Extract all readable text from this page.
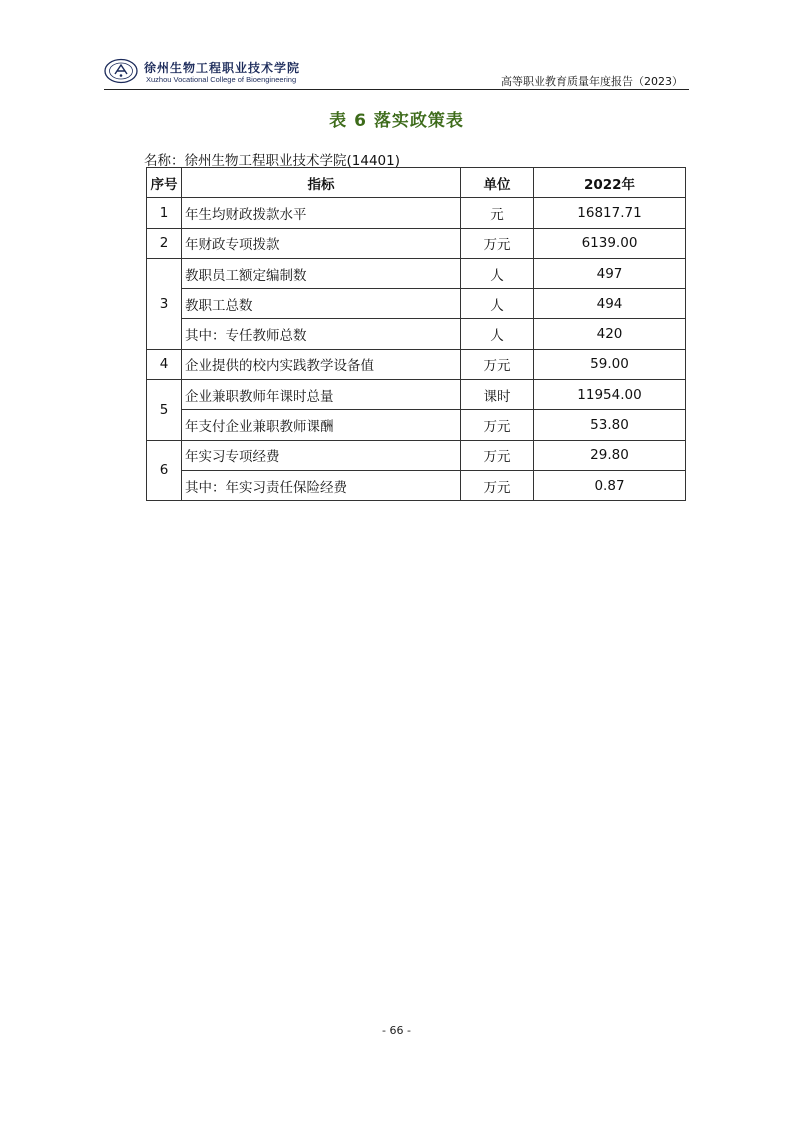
徐州生物工程职业技术学院
Xuzhou Vocational College of Bioengineering	高等职业教育质量年度报告（2023）
表 6 落实政策表
名称：徐州生物工程职业技术学院(14401)
序号	指标	单位	2022年
1	年生均财政拨款水平	元	16817.71
2	年财政专项拨款	万元	6139.00
3	教职员工额定编制数	人	497
	教职工总数	人	494
	其中：专任教师总数	人	420
4	企业提供的校内实践教学设备值	万元	59.00
5	企业兼职教师年课时总量	课时	11954.00
	年支付企业兼职教师课酬	万元	53.80
6	年实习专项经费	万元	29.80
	其中：年实习责任保险经费	万元	0.87
- 66 -
